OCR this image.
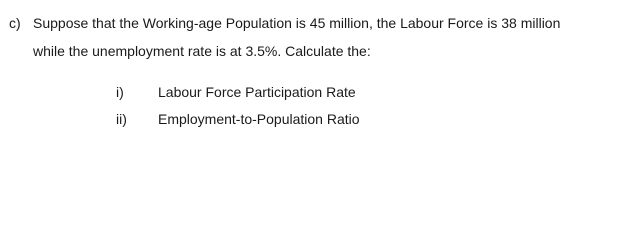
c) Suppose that the Working-age Population is 45 million, the Labour Force is 38 million
while the unemployment rate is at 3.5%. Calculate the:
i) Labour Force Participation Rate
ii) Employment-to-Population Ratio
